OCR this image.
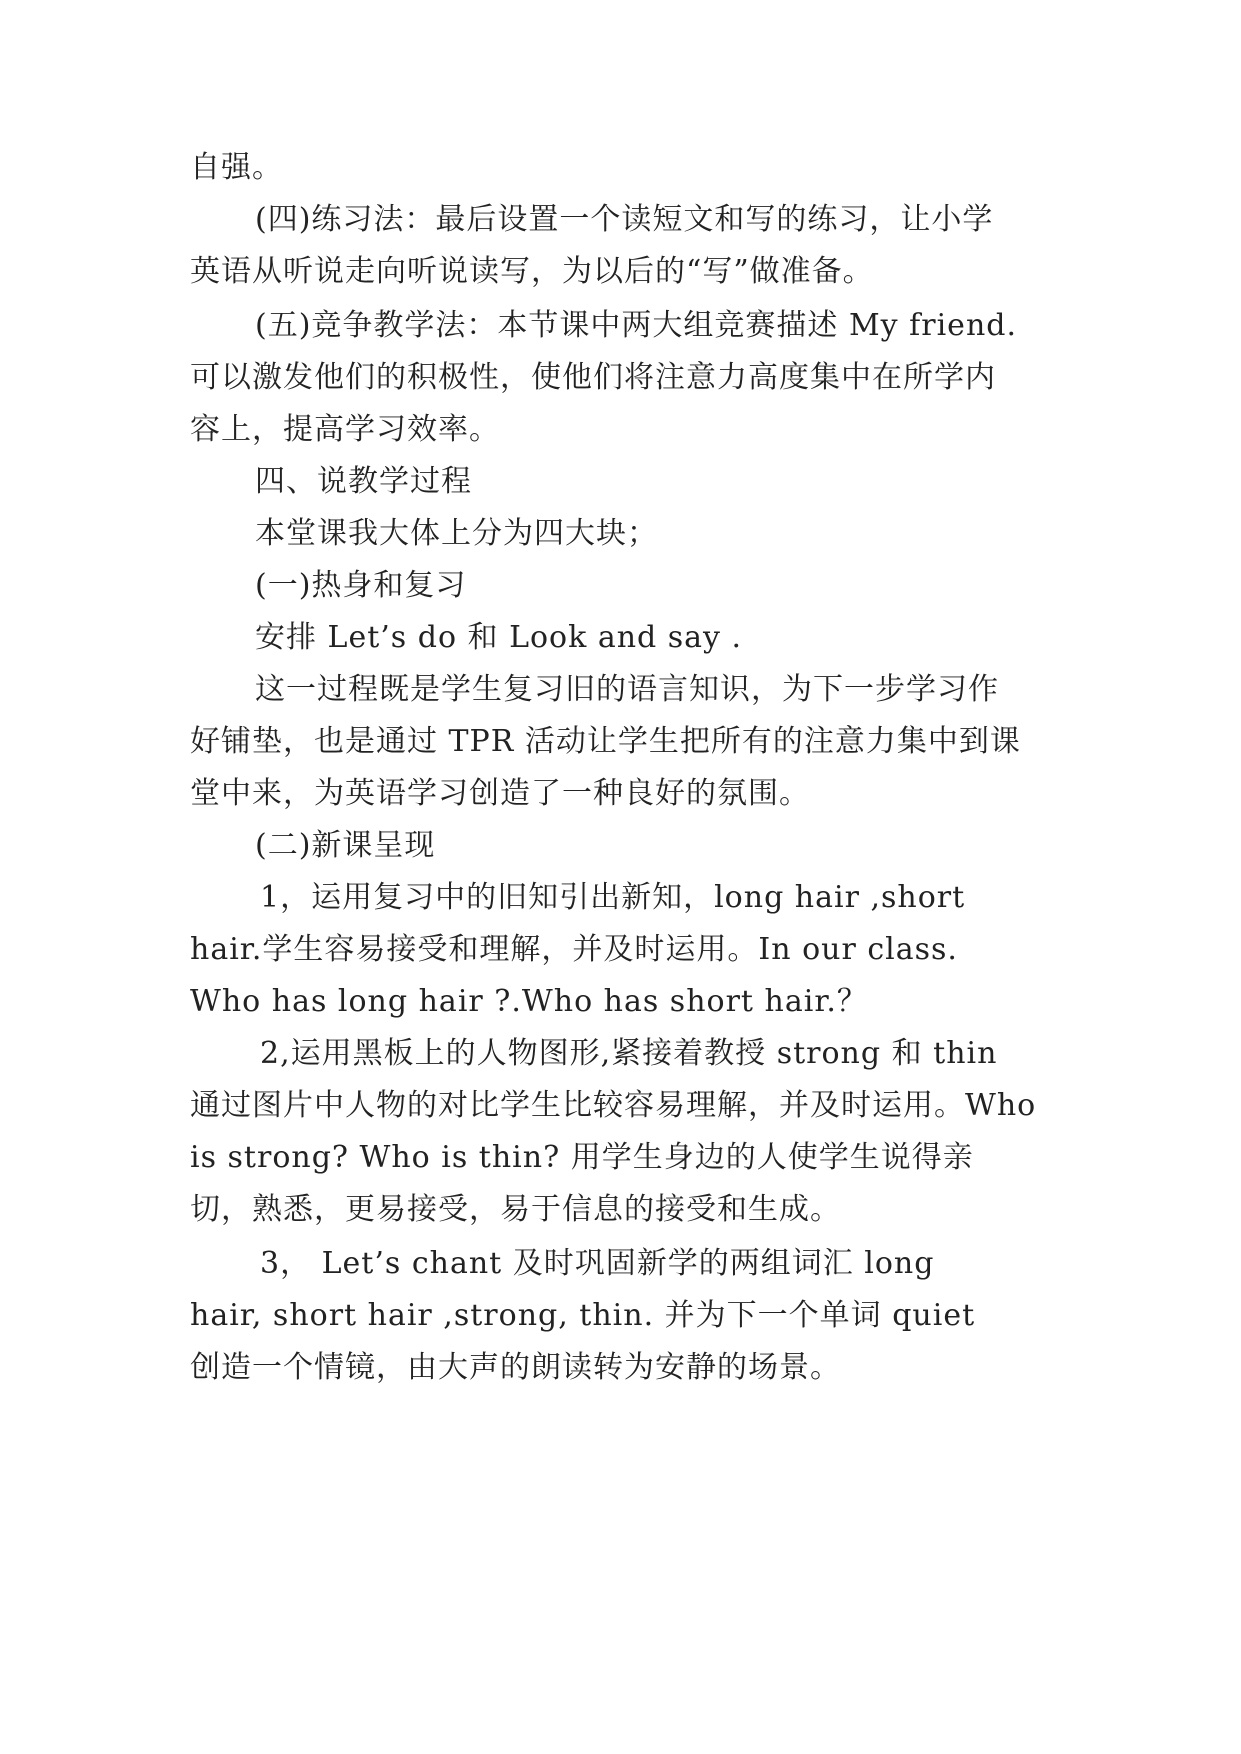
自强。
(四)练习法：最后设置一个读短文和写的练习，让小学
英语从听说走向听说读写，为以后的“写”做准备。
(五)竞争教学法：本节课中两大组竞赛描述 My friend.
可以激发他们的积极性，使他们将注意力高度集中在所学内
容上，提高学习效率。
四、说教学过程
本堂课我大体上分为四大块；
(一)热身和复习
安排 Let’s do 和 Look and say .
这一过程既是学生复习旧的语言知识，为下一步学习作
好铺垫，也是通过 TPR 活动让学生把所有的注意力集中到课
堂中来，为英语学习创造了一种良好的氛围。
(二)新课呈现
1，运用复习中的旧知引出新知，long hair ,short
hair.学生容易接受和理解，并及时运用。In our class.
Who has long hair ?.Who has short hair.？
2,运用黑板上的人物图形,紧接着教授 strong 和 thin
通过图片中人物的对比学生比较容易理解，并及时运用。Who
is strong? Who is thin? 用学生身边的人使学生说得亲
切，熟悉，更易接受，易于信息的接受和生成。
3， Let’s chant 及时巩固新学的两组词汇 long
hair, short hair ,strong, thin. 并为下一个单词 quiet
创造一个情镜，由大声的朗读转为安静的场景。
